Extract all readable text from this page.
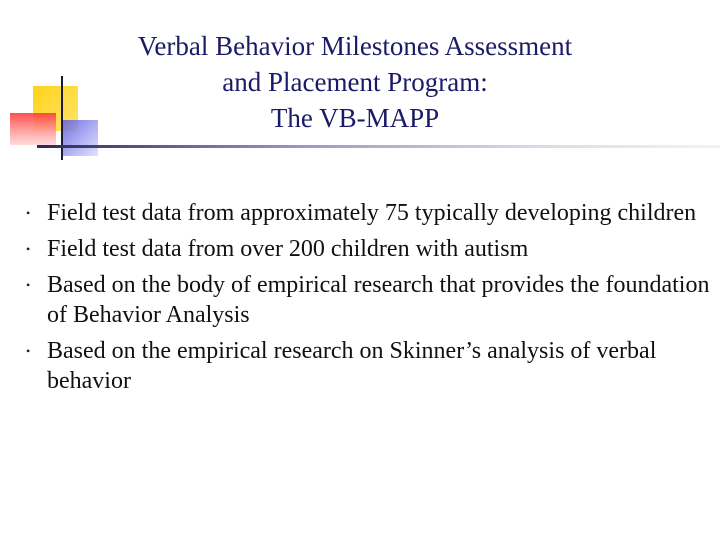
Verbal Behavior Milestones Assessment
and Placement Program:
The VB-MAPP
• Field test data from approximately 75 typically developing children
• Field test data from over 200 children with autism
• Based on the body of empirical research that provides the foundation of Behavior Analysis
• Based on the empirical research on Skinner’s analysis of verbal behavior
